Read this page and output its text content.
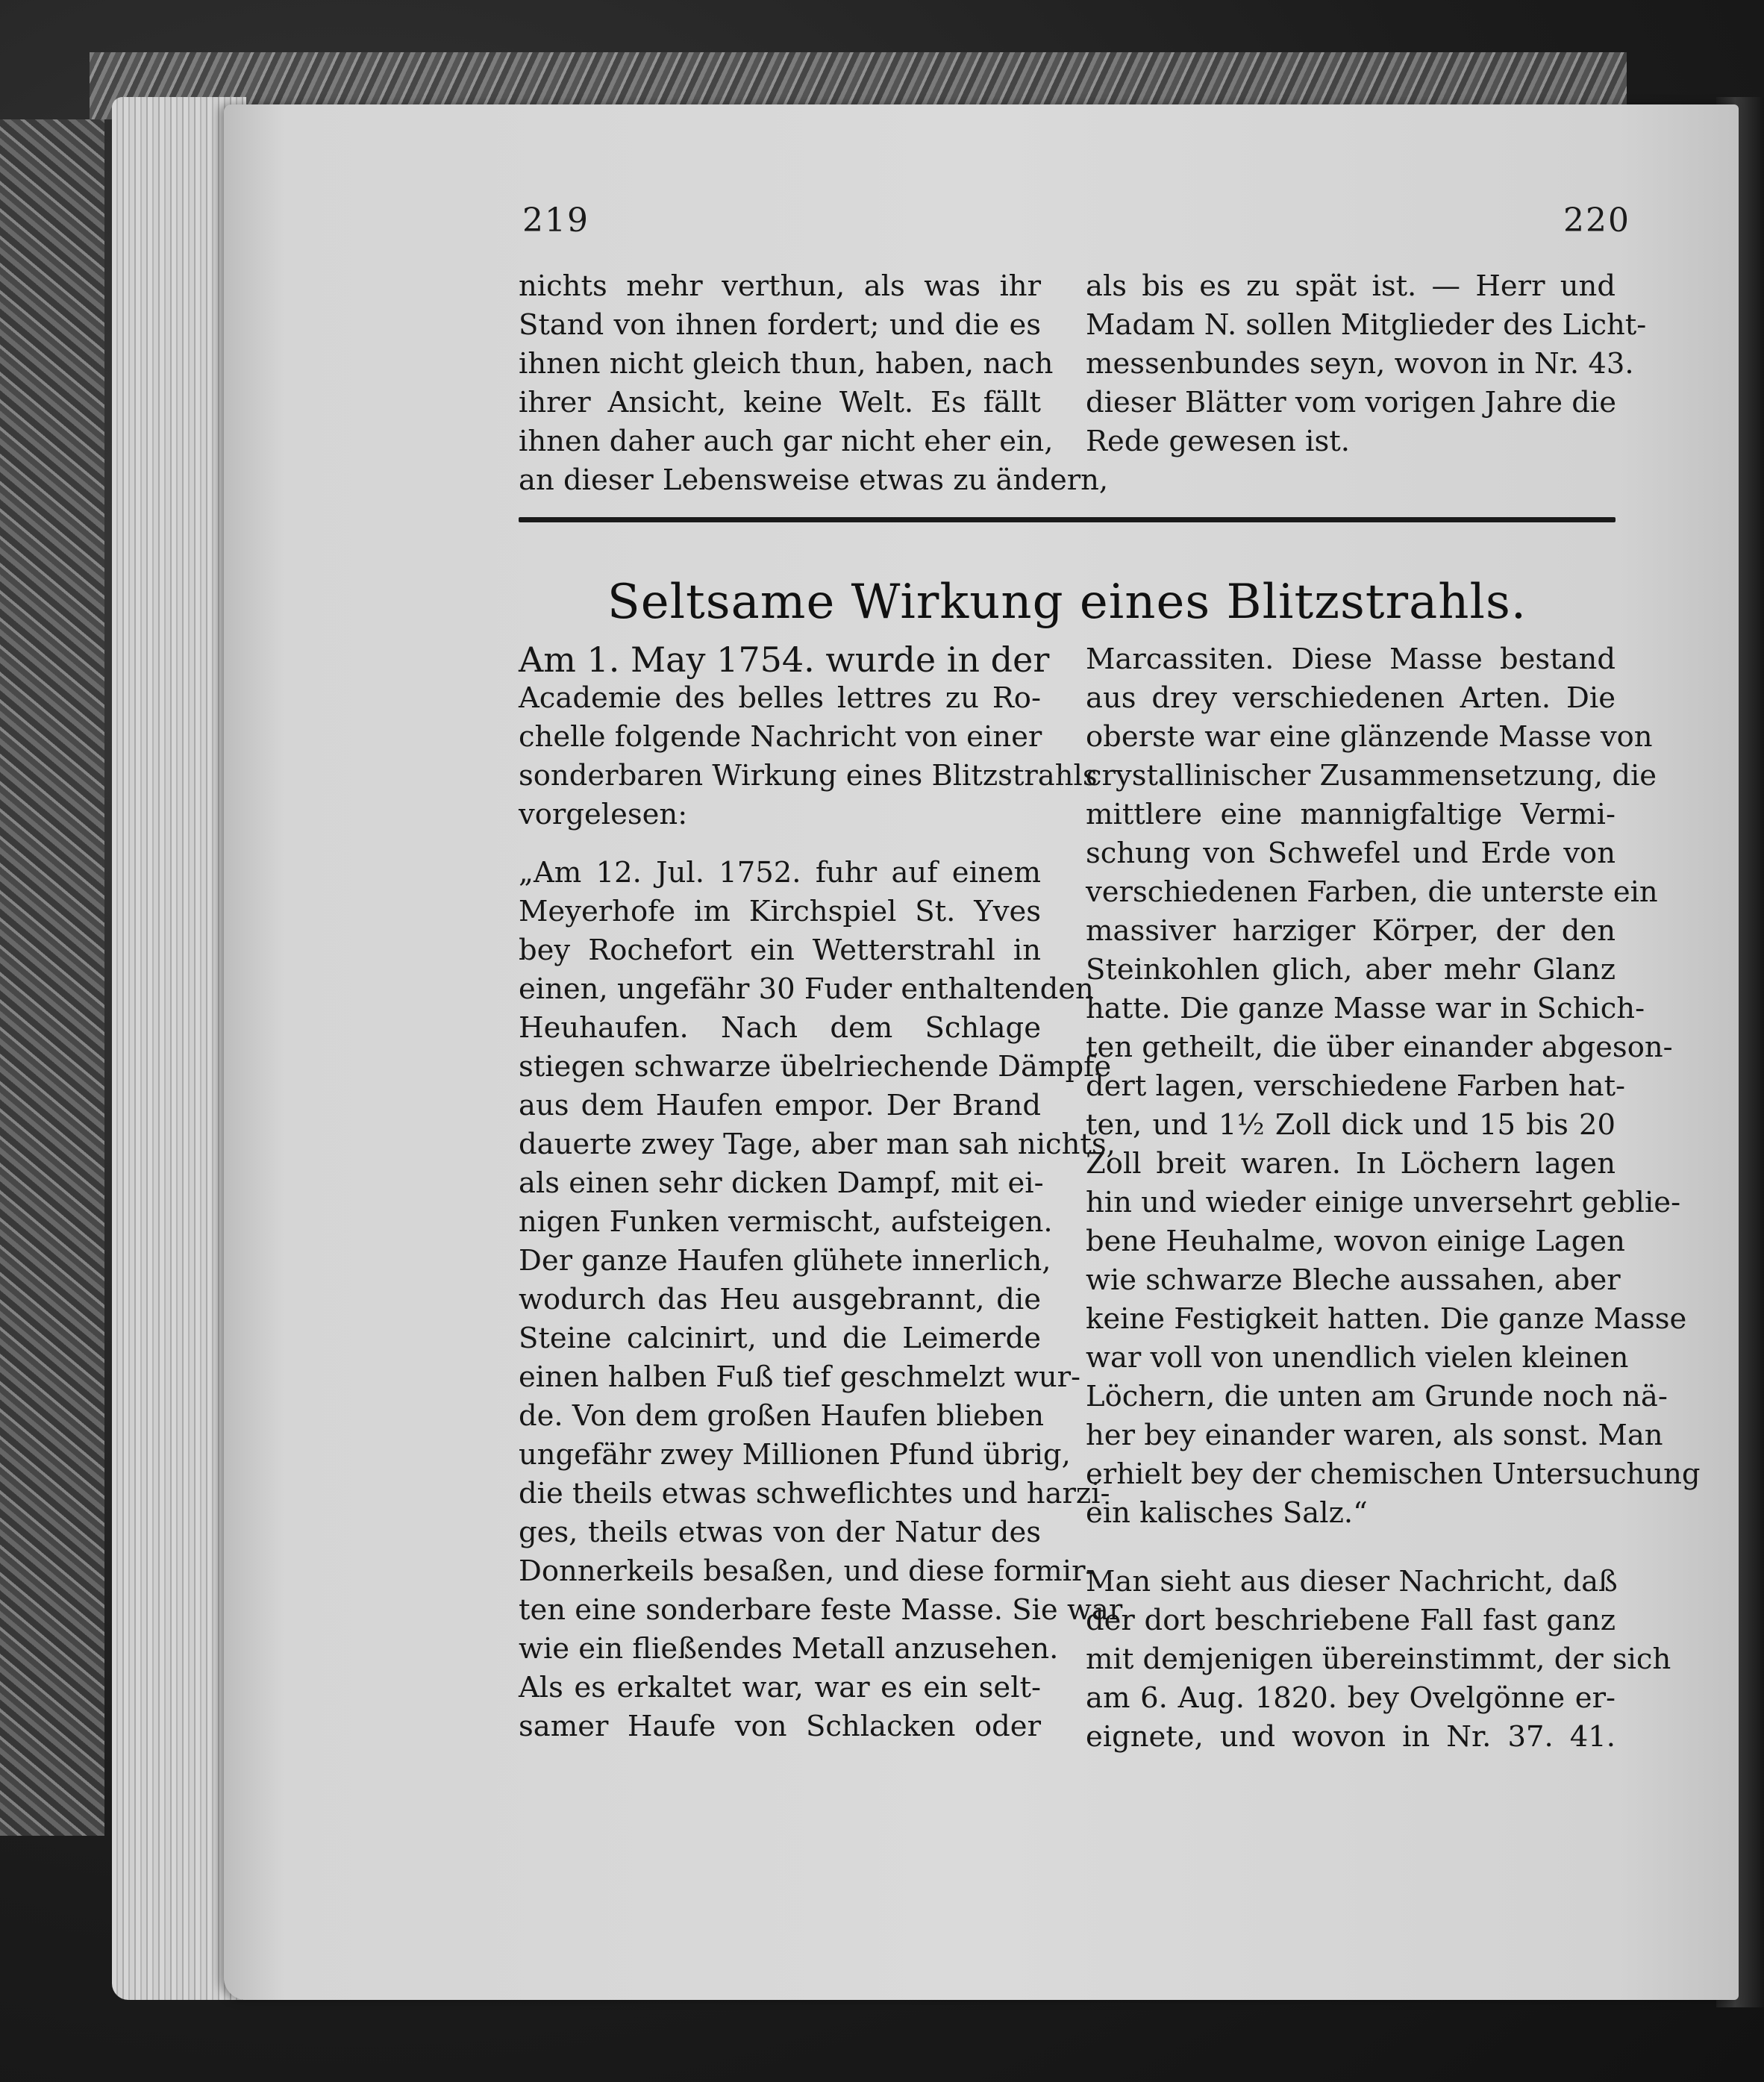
219	220
nichts mehr verthun, als was ihr
Stand von ihnen fordert; und die es
ihnen nicht gleich thun, haben, nach
ihrer Ansicht, keine Welt. Es fällt
ihnen daher auch gar nicht eher ein,
an dieser Lebensweise etwas zu ändern,
als bis es zu spät ist. — Herr und
Madam N. sollen Mitglieder des Licht-
messenbundes seyn, wovon in Nr. 43.
dieser Blätter vom vorigen Jahre die
Rede gewesen ist.
Seltsame Wirkung eines Blitzstrahls.
Am 1. May 1754. wurde in der
Academie des belles lettres zu Ro-
chelle folgende Nachricht von einer
sonderbaren Wirkung eines Blitzstrahls
vorgelesen:
„Am 12. Jul. 1752. fuhr auf einem
Meyerhofe im Kirchspiel St. Yves
bey Rochefort ein Wetterstrahl in
einen, ungefähr 30 Fuder enthaltenden
Heuhaufen. Nach dem Schlage
stiegen schwarze übelriechende Dämpfe
aus dem Haufen empor. Der Brand
dauerte zwey Tage, aber man sah nichts,
als einen sehr dicken Dampf, mit ei-
nigen Funken vermischt, aufsteigen.
Der ganze Haufen glühete innerlich,
wodurch das Heu ausgebrannt, die
Steine calcinirt, und die Leimerde
einen halben Fuß tief geschmelzt wur-
de. Von dem großen Haufen blieben
ungefähr zwey Millionen Pfund übrig,
die theils etwas schweflichtes und harzi-
ges, theils etwas von der Natur des
Donnerkeils besaßen, und diese formir-
ten eine sonderbare feste Masse. Sie war
wie ein fließendes Metall anzusehen.
Als es erkaltet war, war es ein selt-
samer Haufe von Schlacken oder
Marcassiten. Diese Masse bestand
aus drey verschiedenen Arten. Die
oberste war eine glänzende Masse von
crystallinischer Zusammensetzung, die
mittlere eine mannigfaltige Vermi-
schung von Schwefel und Erde von
verschiedenen Farben, die unterste ein
massiver harziger Körper, der den
Steinkohlen glich, aber mehr Glanz
hatte. Die ganze Masse war in Schich-
ten getheilt, die über einander abgeson-
dert lagen, verschiedene Farben hat-
ten, und 1½ Zoll dick und 15 bis 20
Zoll breit waren. In Löchern lagen
hin und wieder einige unversehrt geblie-
bene Heuhalme, wovon einige Lagen
wie schwarze Bleche aussahen, aber
keine Festigkeit hatten. Die ganze Masse
war voll von unendlich vielen kleinen
Löchern, die unten am Grunde noch nä-
her bey einander waren, als sonst. Man
erhielt bey der chemischen Untersuchung
ein kalisches Salz.“
Man sieht aus dieser Nachricht, daß
der dort beschriebene Fall fast ganz
mit demjenigen übereinstimmt, der sich
am 6. Aug. 1820. bey Ovelgönne er-
eignete, und wovon in Nr. 37. 41.
